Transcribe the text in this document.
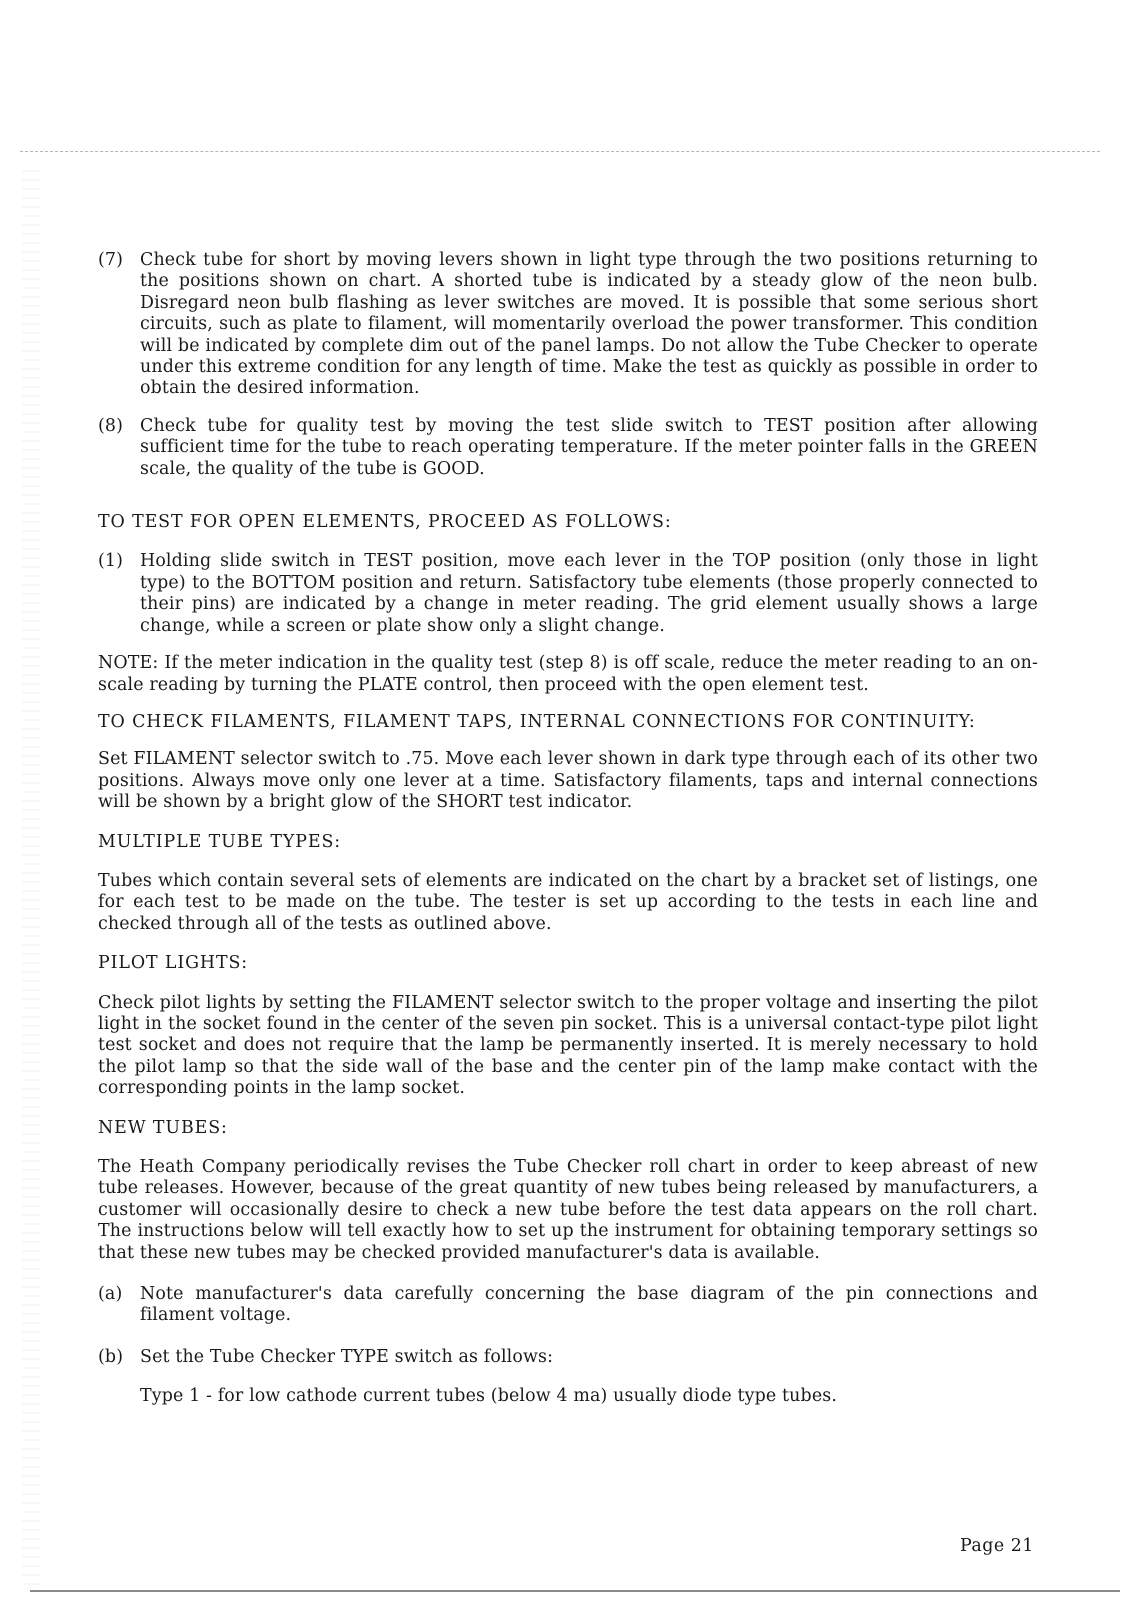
(7) Check tube for short by moving levers shown in light type through the two positions returning to the positions shown on chart. A shorted tube is indicated by a steady glow of the neon bulb. Disregard neon bulb flashing as lever switches are moved. It is possible that some serious short circuits, such as plate to filament, will momentarily overload the power transformer. This condition will be indicated by complete dim out of the panel lamps. Do not allow the Tube Checker to operate under this extreme condition for any length of time. Make the test as quickly as possible in order to obtain the desired information.
(8) Check tube for quality test by moving the test slide switch to TEST position after allowing sufficient time for the tube to reach operating temperature. If the meter pointer falls in the GREEN scale, the quality of the tube is GOOD.
TO TEST FOR OPEN ELEMENTS, PROCEED AS FOLLOWS:
(1) Holding slide switch in TEST position, move each lever in the TOP position (only those in light type) to the BOTTOM position and return. Satisfactory tube elements (those properly connected to their pins) are indicated by a change in meter reading. The grid element usually shows a large change, while a screen or plate show only a slight change.
NOTE: If the meter indication in the quality test (step 8) is off scale, reduce the meter reading to an on-scale reading by turning the PLATE control, then proceed with the open element test.
TO CHECK FILAMENTS, FILAMENT TAPS, INTERNAL CONNECTIONS FOR CONTINUITY:
Set FILAMENT selector switch to .75. Move each lever shown in dark type through each of its other two positions. Always move only one lever at a time. Satisfactory filaments, taps and internal connections will be shown by a bright glow of the SHORT test indicator.
MULTIPLE TUBE TYPES:
Tubes which contain several sets of elements are indicated on the chart by a bracket set of listings, one for each test to be made on the tube. The tester is set up according to the tests in each line and checked through all of the tests as outlined above.
PILOT LIGHTS:
Check pilot lights by setting the FILAMENT selector switch to the proper voltage and inserting the pilot light in the socket found in the center of the seven pin socket. This is a universal contact-type pilot light test socket and does not require that the lamp be permanently inserted. It is merely necessary to hold the pilot lamp so that the side wall of the base and the center pin of the lamp make contact with the corresponding points in the lamp socket.
NEW TUBES:
The Heath Company periodically revises the Tube Checker roll chart in order to keep abreast of new tube releases. However, because of the great quantity of new tubes being released by manufacturers, a customer will occasionally desire to check a new tube before the test data appears on the roll chart. The instructions below will tell exactly how to set up the instrument for obtaining temporary settings so that these new tubes may be checked provided manufacturer's data is available.
(a)	Note manufacturer's data carefully concerning the base diagram of the pin connections and filament voltage.
(b) Set the Tube Checker TYPE switch as follows:
Type 1 - for low cathode current tubes (below 4 ma) usually diode type tubes.
Page 21
